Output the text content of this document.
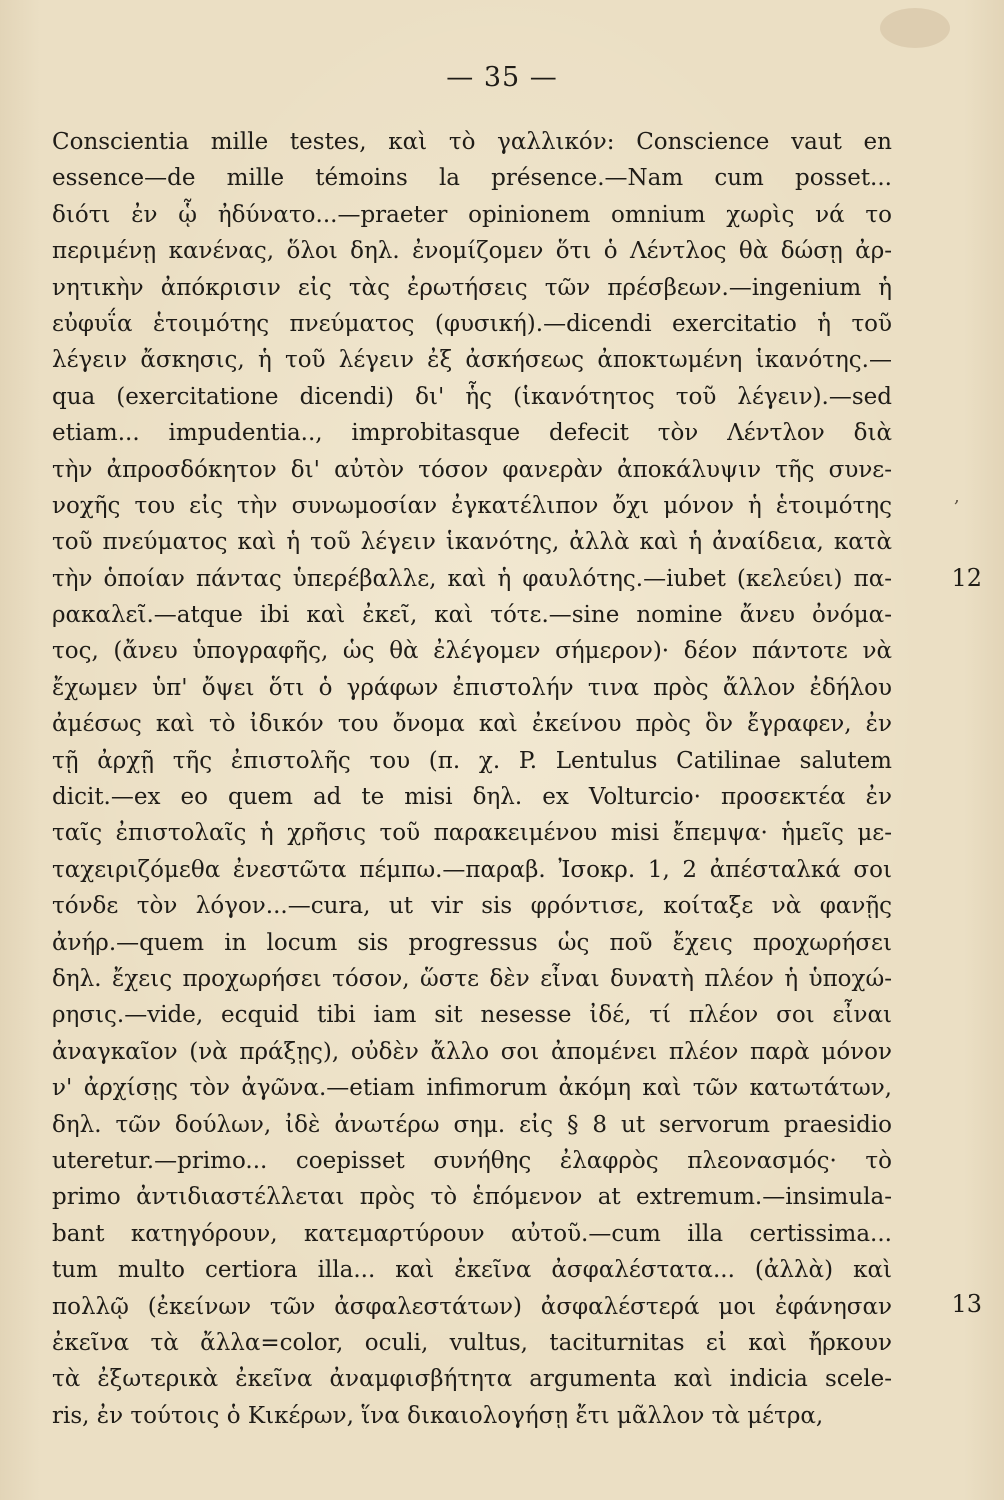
— 35 —
Conscientia mille testes, καὶ τὸ γαλλικόν: Conscience vaut en
essence—de mille témoins la présence.—Nam cum posset...
διότι ἐν ᾧ ἠδύνατο...—praeter opinionem omnium χωρὶς νά το
περιμένῃ κανένας, ὅλοι δηλ. ἐνομίζομεν ὅτι ὁ Λέντλος θὰ δώσῃ ἀρ-
νητικὴν ἀπόκρισιν εἰς τὰς ἐρωτήσεις τῶν πρέσβεων.—ingenium ἡ
εὐφυΐα ἑτοιμότης πνεύματος (φυσική).—dicendi exercitatio ἡ τοῦ
λέγειν ἄσκησις, ἡ τοῦ λέγειν ἐξ ἀσκήσεως ἀποκτωμένη ἱκανότης.—
qua (exercitatione dicendi) δι' ἧς (ἱκανότητος τοῦ λέγειν).—sed
etiam... impudentia.., improbitasque defecit τὸν Λέντλον διὰ
τὴν ἀπροσδόκητον δι' αὐτὸν τόσον φανερὰν ἀποκάλυψιν τῆς συνε-
νοχῆς του εἰς τὴν συνωμοσίαν ἐγκατέλιπον ὄχι μόνον ἡ ἑτοιμότης
τοῦ πνεύματος καὶ ἡ τοῦ λέγειν ἱκανότης, ἀλλὰ καὶ ἡ ἀναίδεια, κατὰ
τὴν ὁποίαν πάντας ὑπερέβαλλε, καὶ ἡ φαυλότης.—iubet (κελεύει) πα-
ρακαλεῖ.—atque ibi καὶ ἐκεῖ, καὶ τότε.—sine nomine ἄνευ ὀνόμα-
τος, (ἄνευ ὑπογραφῆς, ὡς θὰ ἐλέγομεν σήμερον)· δέον πάντοτε νὰ
ἔχωμεν ὑπ' ὄψει ὅτι ὁ γράφων ἐπιστολήν τινα πρὸς ἄλλον ἐδήλου
ἀμέσως καὶ τὸ ἰδικόν του ὄνομα καὶ ἐκείνου πρὸς ὃν ἔγραφεν, ἐν
τῇ ἀρχῇ τῆς ἐπιστολῆς του (π. χ. P. Lentulus Catilinae salutem
dicit.—ex eo quem ad te misi δηλ. ex Volturcio· προσεκτέα ἐν
ταῖς ἐπιστολαῖς ἡ χρῆσις τοῦ παρακειμένου misi ἔπεμψα· ἡμεῖς με-
ταχειριζόμεθα ἐνεστῶτα πέμπω.—παραβ. Ἰσοκρ. 1, 2 ἀπέσταλκά σοι
τόνδε τὸν λόγον...—cura, ut vir sis φρόντισε, κοίταξε νὰ φανῇς
ἀνήρ.—quem in locum sis progressus ὡς ποῦ ἔχεις προχωρήσει
δηλ. ἔχεις προχωρήσει τόσον, ὥστε δὲν εἶναι δυνατὴ πλέον ἡ ὑποχώ-
ρησις.—vide, ecquid tibi iam sit nesesse ἰδέ, τί πλέον σοι εἶναι
ἀναγκαῖον (νὰ πράξῃς), οὐδὲν ἄλλο σοι ἀπομένει πλέον παρὰ μόνον
ν' ἀρχίσῃς τὸν ἀγῶνα.—etiam infimorum ἀκόμη καὶ τῶν κατωτάτων,
δηλ. τῶν δούλων, ἰδὲ ἀνωτέρω σημ. εἰς § 8 ut servorum praesidio
uteretur.—primo... coepisset συνήθης ἐλαφρὸς πλεονασμός· τὸ
primo ἀντιδιαστέλλεται πρὸς τὸ ἑπόμενον at extremum.—insimula-
bant κατηγόρουν, κατεμαρτύρουν αὐτοῦ.—cum illa certissima...
tum multo certiora illa... καὶ ἐκεῖνα ἀσφαλέστατα... (ἀλλὰ) καὶ
πολλῷ (ἐκείνων τῶν ἀσφαλεστάτων) ἀσφαλέστερά μοι ἐφάνησαν
ἐκεῖνα τὰ ἄλλα=color, oculi, vultus, taciturnitas εἰ καὶ ἤρκουν
τὰ ἐξωτερικὰ ἐκεῖνα ἀναμφισβήτητα argumenta καὶ indicia scele-
ris, ἐν τούτοις ὁ Κικέρων, ἵνα δικαιολογήσῃ ἔτι μᾶλλον τὰ μέτρα,
,
12
13
